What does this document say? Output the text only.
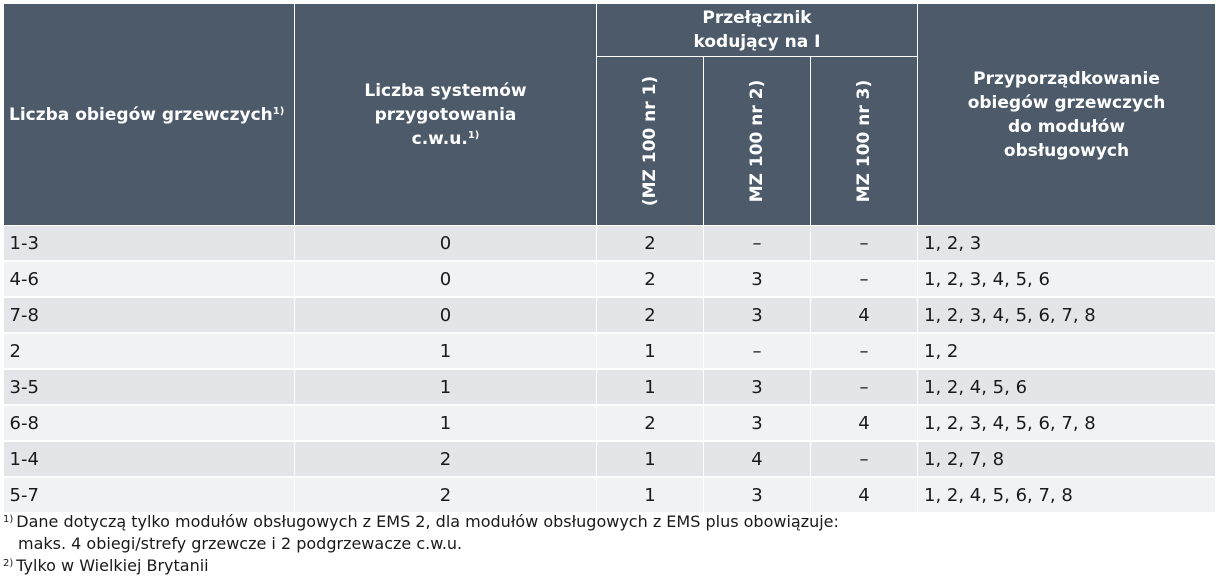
Liczba obiegów grzewczych$^{1)}$	Liczba systemów przygotowania c.w.u.$^{1)}$	Przełącznik kodujący na I			Przyporządkowanie obiegów grzewczych do modułów obsługowych

		(MZ 100 nr 1)	MZ 100 nr 2)	MZ 100 nr 3)	

1-3	0	2	–	–	1, 2, 3
4-6	0	2	3	–	1, 2, 3, 4, 5, 6
7-8	0	2	3	4	1, 2, 3, 4, 5, 6, 7, 8
2	1	1	–	–	1, 2
3-5	1	1	3	–	1, 2, 4, 5, 6
6-8	1	2	3	4	1, 2, 3, 4, 5, 6, 7, 8
1-4	2	1	4	–	1, 2, 7, 8
5-7	2	1	3	4	1, 2, 4, 5, 6, 7, 8
$^{1)}$ Dane dotyczą tylko modułów obsługowych z EMS 2, dla modułów obsługowych z EMS plus obowiązuje:
maks. 4 obiegi/strefy grzewcze i 2 podgrzewacze c.w.u.
$^{2)}$ Tylko w Wielkiej Brytanii
